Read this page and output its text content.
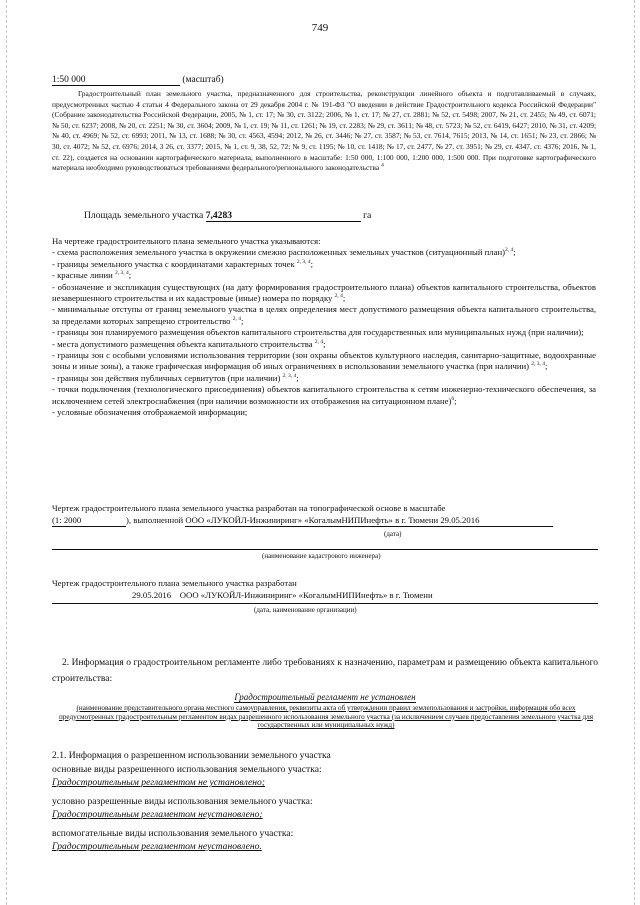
749
1:50 000	(масштаб)
Градостроительный план земельного участка, предназначенного для строительства, реконструкции линейного объекта и подготавливаемый в случаях, предусмотренных частью 4 статьи 4 Федерального закона от 29 декабря 2004 г. № 191-ФЗ "О введении в действие Градостроительного кодекса Российской Федерации" (Собрание законодательства Российской Федерации, 2005, № 1, ст. 17; № 30, ст. 3122; 2006, № 1, ст. 17; № 27, ст. 2881; № 52, ст. 5498; 2007, № 21, ст. 2455; № 49, ст. 6071; № 50, ст. 6237; 2008, № 20, ст. 2251; № 30, ст. 3604; 2009, № 1, ст. 19; № 11, ст. 1261; № 19, ст. 2283; № 29, ст. 3611; № 48, ст. 5723; № 52, ст. 6419, 6427; 2010, № 31, ст. 4209; № 40, ст. 4969; № 52, ст. 6993; 2011, № 13, ст. 1688; № 30, ст. 4563, 4594; 2012, № 26, ст. 3446; № 27, ст. 3587; № 53, ст. 7614, 7615; 2013, № 14, ст. 1651; № 23, ст. 2866; № 30, ст. 4072; № 52, ст. 6976; 2014, 3 26, ст. 3377; 2015, № 1, ст. 9, 38, 52, 72; № 9, ст. 1195; № 10, ст. 1418; № 17, ст. 2477, № 27, ст. 3951; № 29, ст. 4347, ст. 4376; 2016, № 1, ст. 22), создается на основании картографического материала, выполненного в масштабе: 1:50 000, 1:100 000, 1:200 000, 1:500 000. При подготовке картографического материала необходимо руководствоваться требованиями федерального/регионального законодательства $^4$
Площадь земельного участка 7,4283	га
На чертеже градостроительного плана земельного участка указываются:
- схема расположения земельного участка в окружении смежно расположенных земельных участков (ситуационный план)$^{2, 4}$;
- границы земельного участка с координатами характерных точек $^{2, 3, 4}$;
- красные линии $^{2, 3, 4}$;
- обозначение и экспликация существующих (на дату формирования градостроительного плана) объектов капитального строительства, объектов незавершенного строительства и их кадастровые (иные) номера по порядку $^{2, 4}$;
- минимальные отступы от границ земельного участка в целях определения мест допустимого размещения объекта капитального строительства, за пределами которых запрещено строительство $^{2, 4}$;
- границы зон планируемого размещения объектов капитального строительства для государственных или муниципальных нужд (при наличии);
- места допустимого размещения объекта капитального строительства $^{2, 4}$;
- границы зон с особыми условиями использования территории (зон охраны объектов культурного наследия, санитарно-защитные, водоохранные зоны и иные зоны), а также графическая информация об иных ограничениях в использовании земельного участка (при наличии) $^{2, 3, 4}$;
- границы зон действия публичных сервитутов (при наличии) $^{2, 3, 4}$;
- точки подключения (технологического присоединения) объектов капитального строительства к сетям инженерно-технического обеспечения, за исключением сетей электроснабжения (при наличии возможности их отображения на ситуационном плане)$^6$;
- условные обозначения отображаемой информации;
Чертеж градостроительного плана земельного участка разработан на топографической основе в масштабе
(1: 2000	), выполненной ООО «ЛУКОЙЛ-Инжиниринг» «КогалымНИПИнефть» в г. Тюмени 29.05.2016
(дата)
(наименование кадастрового инженера)
Чертеж градостроительного плана земельного участка разработан
29.05.2016 ООО «ЛУКОЙЛ-Инжиниринг» «КогалымНИПИнефть» в г. Тюмени
(дата, наименование организации)
2. Информация о градостроительном регламенте либо требованиях к назначению, параметрам и размещению объекта капитального строительства:
Градостроительный регламент не установлен
(наименование представительного органа местного самоуправления, реквизиты акта об утверждении правил землепользования и застройки, информация обо всех предусмотренных градостроительным регламентом видах разрешенного использования земельного участка (за исключением случаев предоставления земельного участка для государственных или муниципальных нужд)
2.1. Информация о разрешенном использовании земельного участка
основные виды разрешенного использования земельного участка:
Градостроительным регламентом не установлено;
условно разрешенные виды использования земельного участка:
Градостроительным регламентом неустановлено;
вспомогательные виды использования земельного участка:
Градостроительным регламентом неустановлено.
